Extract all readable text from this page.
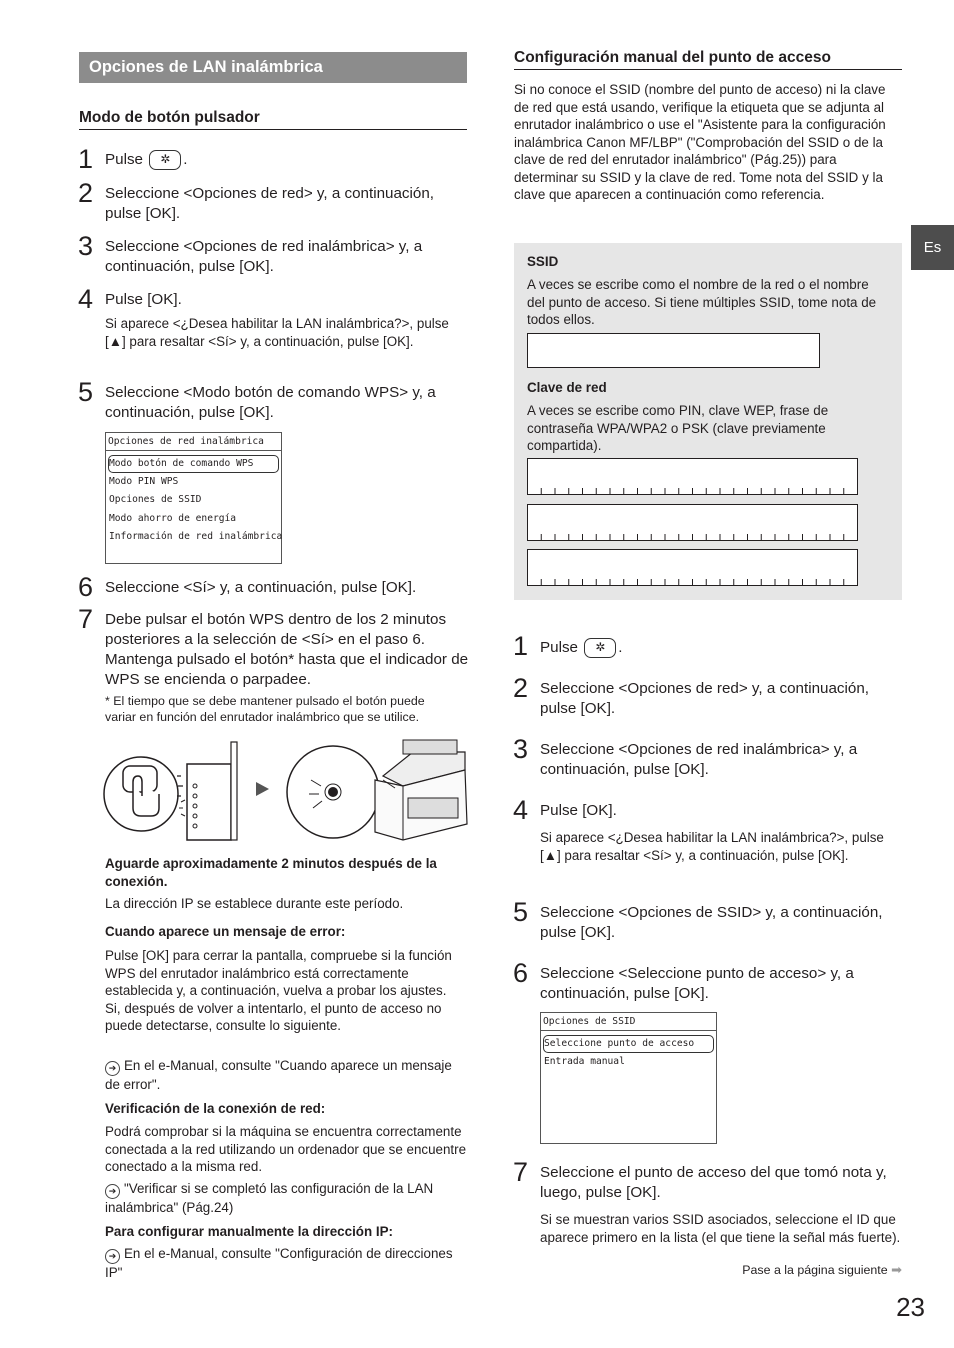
Opciones de LAN inalámbrica
Modo de botón pulsador
1 Pulse ✲ .
2 Seleccione <Opciones de red> y, a continuación, pulse [OK].
3 Seleccione <Opciones de red inalámbrica> y, a continuación, pulse [OK].
4 Pulse [OK].
Si aparece <¿Desea habilitar la LAN inalámbrica?>, pulse [▲] para resaltar <Sí> y, a continuación, pulse [OK].
5 Seleccione <Modo botón de comando WPS> y, a continuación, pulse [OK].
Opciones de red inalámbrica
Modo botón de comando WPS
Modo PIN WPS
Opciones de SSID
Modo ahorro de energía
Información de red inalámbrica
6 Seleccione <Sí> y, a continuación, pulse [OK].
7 Debe pulsar el botón WPS dentro de los 2 minutos posteriores a la selección de <Sí> en el paso 6. Mantenga pulsado el botón* hasta que el indicador de WPS se encienda o parpadee.
* El tiempo que se debe mantener pulsado el botón puede variar en función del enrutador inalámbrico que se utilice.
Aguarde aproximadamente 2 minutos después de la conexión.
La dirección IP se establece durante este período.
Cuando aparece un mensaje de error:
Pulse [OK] para cerrar la pantalla, compruebe si la función WPS del enrutador inalámbrico está correctamente establecida y, a continuación, vuelva a probar los ajustes. Si, después de volver a intentarlo, el punto de acceso no puede detectarse, consulte lo siguiente.
➔ En el e-Manual, consulte "Cuando aparece un mensaje de error".
Verificación de la conexión de red:
Podrá comprobar si la máquina se encuentra correctamente conectada a la red utilizando un ordenador que se encuentre conectado a la misma red.
➔ "Verificar si se completó las configuración de la LAN inalámbrica" (Pág.24)
Para configurar manualmente la dirección IP:
➔ En el e-Manual, consulte "Configuración de direcciones IP"
Configuración manual del punto de acceso
Si no conoce el SSID (nombre del punto de acceso) ni la clave de red que está usando, verifique la etiqueta que se adjunta al enrutador inalámbrico o use el "Asistente para la configuración inalámbrica Canon MF/LBP" ("Comprobación del SSID o de la clave de red del enrutador inalámbrico" (Pág.25)) para determinar su SSID y la clave de red. Tome nota del SSID y la clave que aparecen a continuación como referencia.
SSID
A veces se escribe como el nombre de la red o el nombre del punto de acceso. Si tiene múltiples SSID, tome nota de todos ellos.
Clave de red
A veces se escribe como PIN, clave WEP, frase de contraseña WPA/WPA2 o PSK (clave previamente compartida).
1 Pulse ✲ .
2 Seleccione <Opciones de red> y, a continuación, pulse [OK].
3 Seleccione <Opciones de red inalámbrica> y, a continuación, pulse [OK].
4 Pulse [OK].
Si aparece <¿Desea habilitar la LAN inalámbrica?>, pulse [▲] para resaltar <Sí> y, a continuación, pulse [OK].
5 Seleccione <Opciones de SSID> y, a continuación, pulse [OK].
6 Seleccione <Seleccione punto de acceso> y, a continuación, pulse [OK].
Opciones de SSID
Seleccione punto de acceso
Entrada manual
7 Seleccione el punto de acceso del que tomó nota y, luego, pulse [OK].
Si se muestran varios SSID asociados, seleccione el ID que aparece primero en la lista (el que tiene la señal más fuerte).
Pase a la página siguiente ➡
Es
23
